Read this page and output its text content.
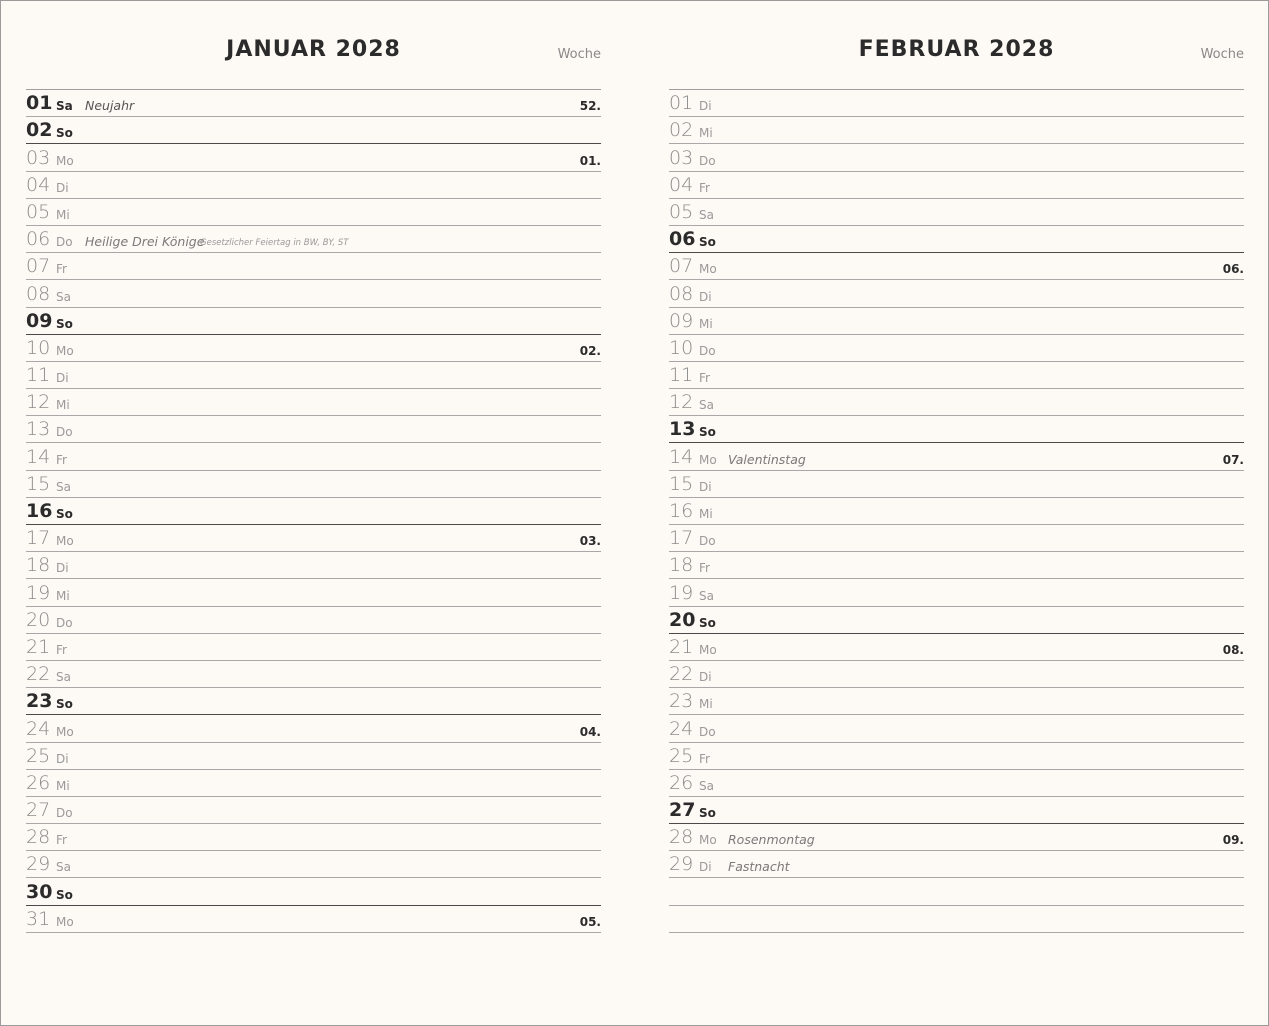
JANUAR 2028	Woche
01 Sa Neujahr	52.
02 So
03 Mo	01.
04 Di
05 Mi
06 Do Heilige Drei Könige
Gesetzlicher Feiertag in BW, BY, ST
07 Fr
08 Sa
09 So
10 Mo	02.
11 Di
12 Mi
13 Do
14 Fr
15 Sa
16 So
17 Mo	03.
18 Di
19 Mi
20 Do
21 Fr
22 Sa
23 So
24 Mo	04.
25 Di
26 Mi
27 Do
28 Fr
29 Sa
30 So
31 Mo	05.
FEBRUAR 2028	Woche
01 Di
02 Mi
03 Do
04 Fr
05 Sa
06 So
07 Mo	06.
08 Di
09 Mi
10 Do
11 Fr
12 Sa
13 So
14 Mo Valentinstag	07.
15 Di
16 Mi
17 Do
18 Fr
19 Sa
20 So
21 Mo	08.
22 Di
23 Mi
24 Do
25 Fr
26 Sa
27 So
28 Mo Rosenmontag	09.
29 Di Fastnacht
